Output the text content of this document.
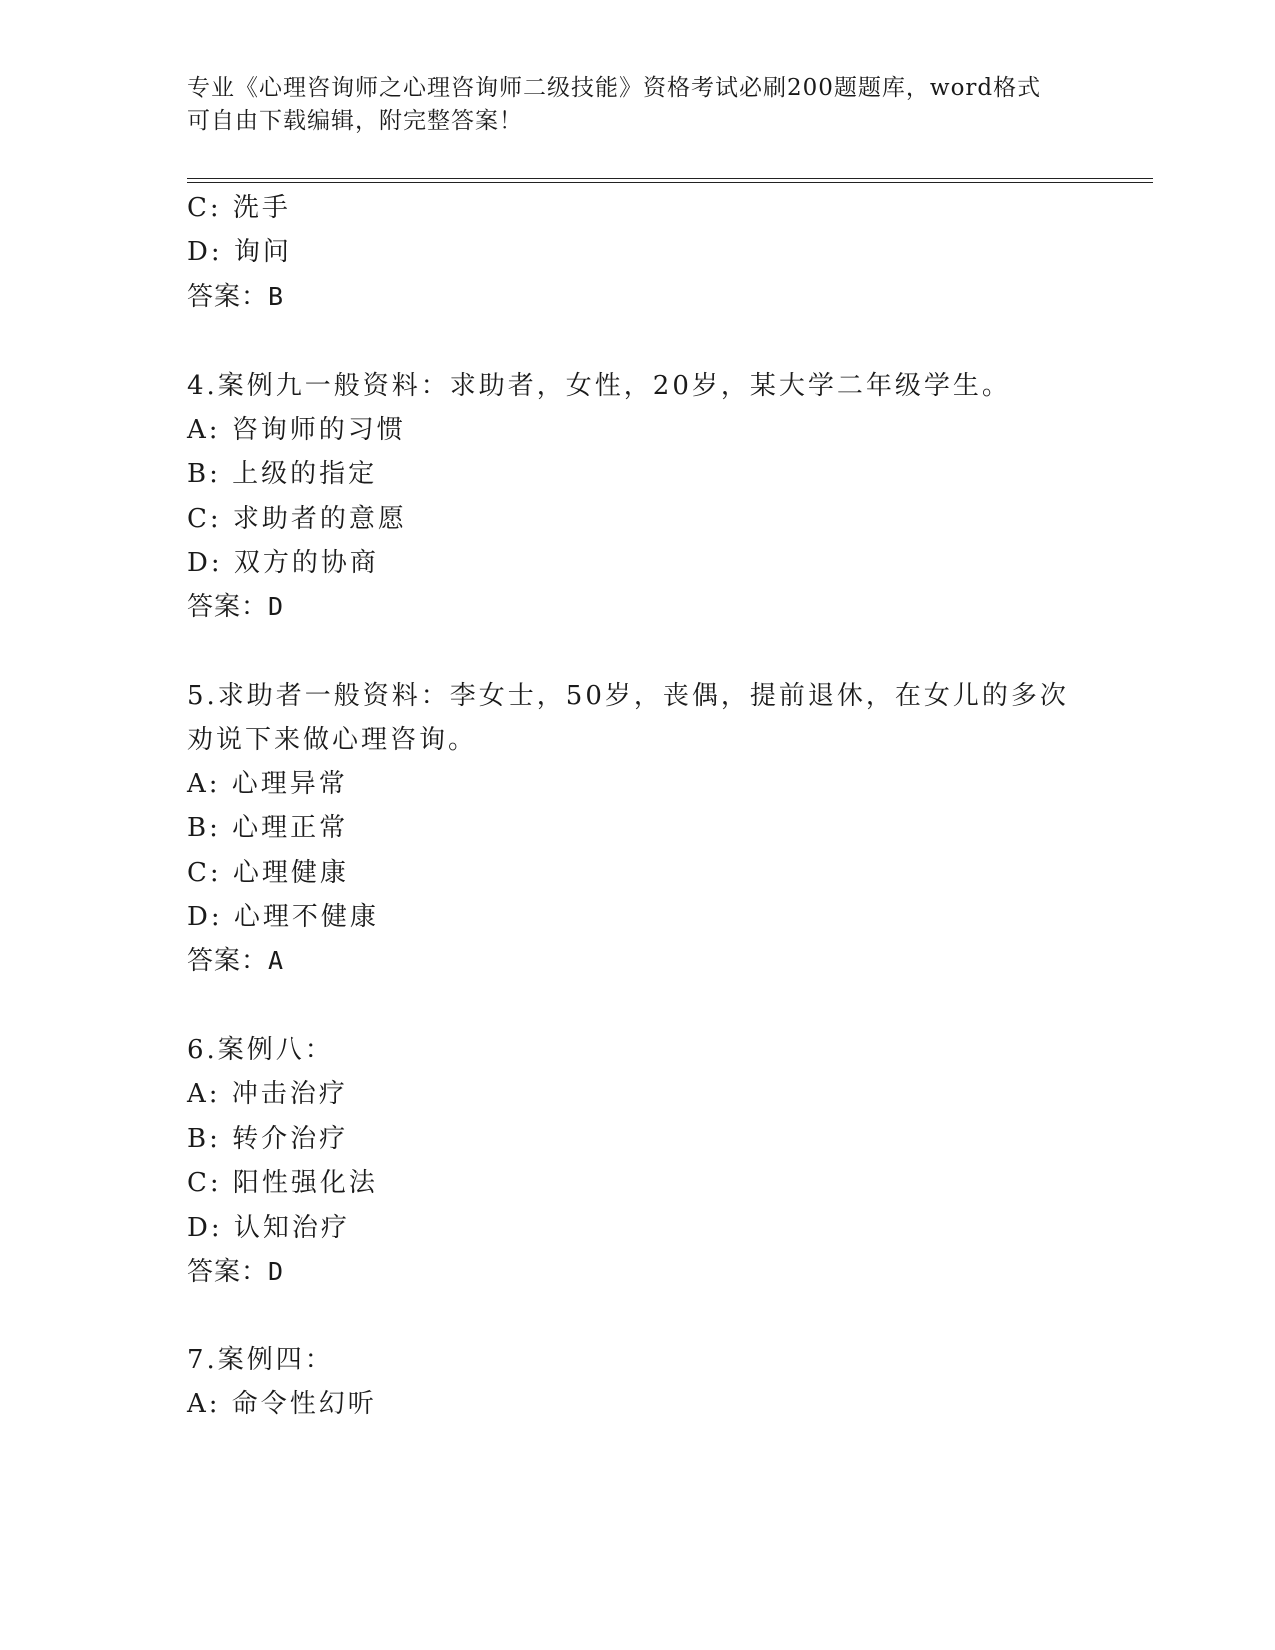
专业《心理咨询师之心理咨询师二级技能》资格考试必刷200题题库，word格式
可自由下载编辑，附完整答案！
C: 洗手
D: 询问
答案：B
4.案例九一般资料：求助者，女性，20岁，某大学二年级学生。
A: 咨询师的习惯
B: 上级的指定
C: 求助者的意愿
D: 双方的协商
答案：D
5.求助者一般资料：李女士，50岁，丧偶，提前退休，在女儿的多次
劝说下来做心理咨询。
A: 心理异常
B: 心理正常
C: 心理健康
D: 心理不健康
答案：A
6.案例八：
A: 冲击治疗
B: 转介治疗
C: 阳性强化法
D: 认知治疗
答案：D
7.案例四：
A: 命令性幻听
